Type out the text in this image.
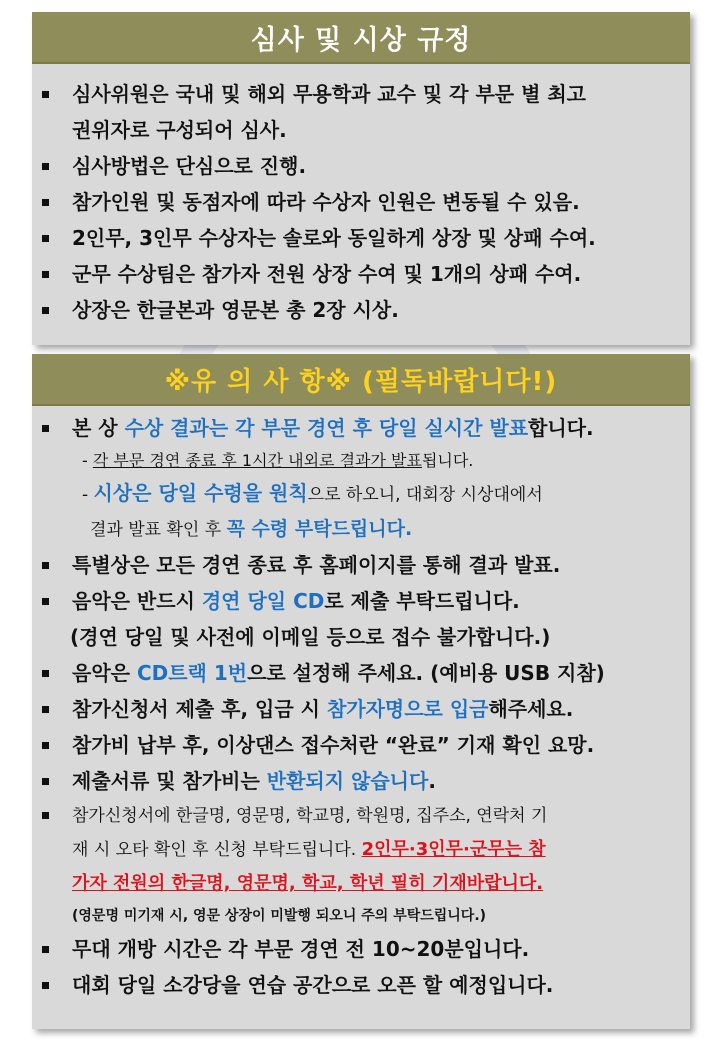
심사 및 시상 규정
심사위원은 국내 및 해외 무용학과 교수 및 각 부문 별 최고
권위자로 구성되어 심사.
심사방법은 단심으로 진행.
참가인원 및 동점자에 따라 수상자 인원은 변동될 수 있음.
2인무, 3인무 수상자는 솔로와 동일하게 상장 및 상패 수여.
군무 수상팀은 참가자 전원 상장 수여 및 1개의 상패 수여.
상장은 한글본과 영문본 총 2장 시상.
※유 의 사 항※ (필독바랍니다!)
본 상 수상 결과는 각 부문 경연 후 당일 실시간 발표합니다.
- 각 부문 경연 종료 후 1시간 내외로 결과가 발표됩니다.
- 시상은 당일 수령을 원칙으로 하오니, 대회장 시상대에서
결과 발표 확인 후 꼭 수령 부탁드립니다.
특별상은 모든 경연 종료 후 홈페이지를 통해 결과 발표.
음악은 반드시 경연 당일 CD로 제출 부탁드립니다.
(경연 당일 및 사전에 이메일 등으로 접수 불가합니다.)
음악은 CD트랙 1번으로 설정해 주세요. (예비용 USB 지참)
참가신청서 제출 후, 입금 시 참가자명으로 입금해주세요.
참가비 납부 후, 이상댄스 접수처란 “완료” 기재 확인 요망.
제출서류 및 참가비는 반환되지 않습니다.
참가신청서에 한글명, 영문명, 학교명, 학원명, 집주소, 연락처 기
재 시 오타 확인 후 신청 부탁드립니다. 2인무·3인무·군무는 참
가자 전원의 한글명, 영문명, 학교, 학년 필히 기재바랍니다.
(영문명 미기재 시, 영문 상장이 미발행 되오니 주의 부탁드립니다.)
무대 개방 시간은 각 부문 경연 전 10~20분입니다.
대회 당일 소강당을 연습 공간으로 오픈 할 예정입니다.
